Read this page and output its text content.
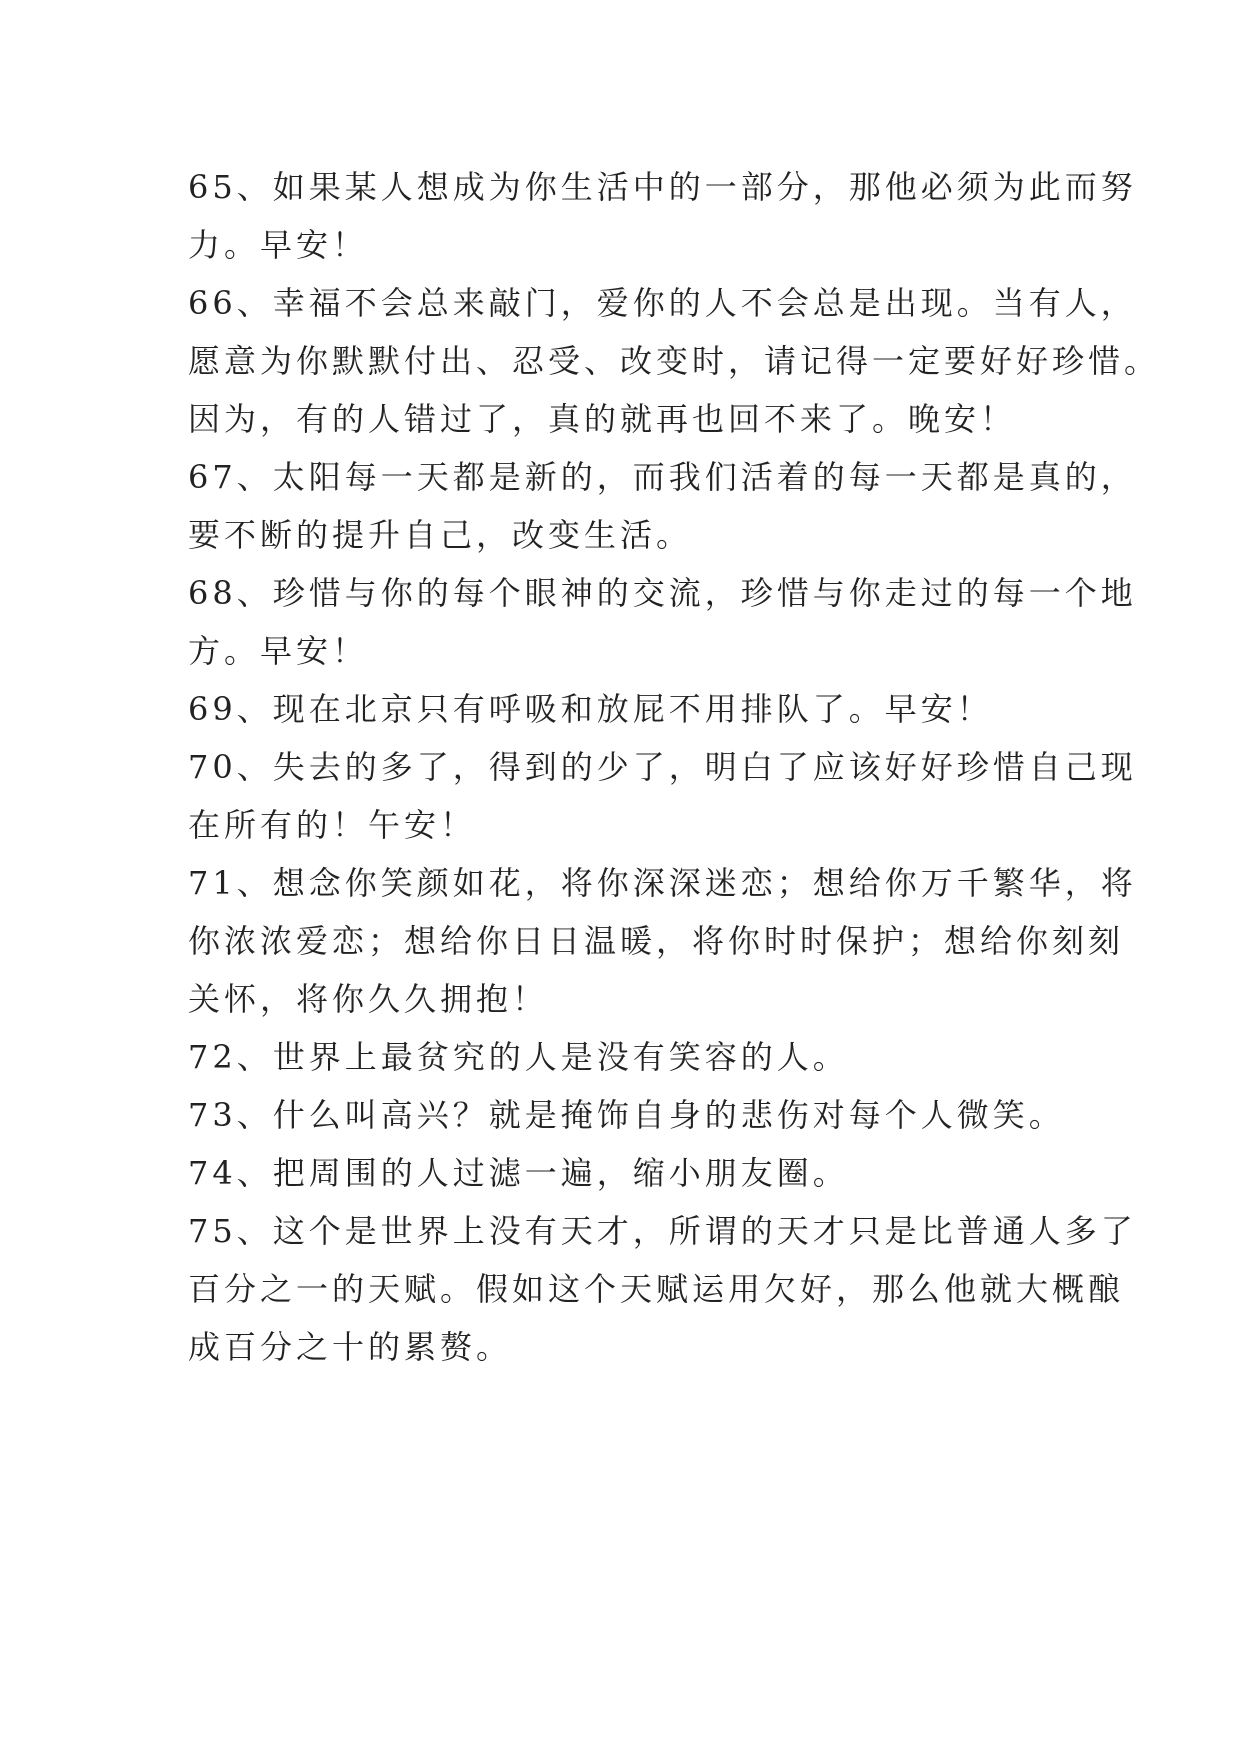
65、如果某人想成为你生活中的一部分，那他必须为此而努
力。早安！
66、幸福不会总来敲门，爱你的人不会总是出现。当有人，
愿意为你默默付出、忍受、改变时，请记得一定要好好珍惜。
因为，有的人错过了，真的就再也回不来了。晚安！
67、太阳每一天都是新的，而我们活着的每一天都是真的，
要不断的提升自己，改变生活。
68、珍惜与你的每个眼神的交流，珍惜与你走过的每一个地
方。早安！
69、现在北京只有呼吸和放屁不用排队了。早安！
70、失去的多了，得到的少了，明白了应该好好珍惜自己现
在所有的！午安！
71、想念你笑颜如花，将你深深迷恋；想给你万千繁华，将
你浓浓爱恋；想给你日日温暖，将你时时保护；想给你刻刻
关怀，将你久久拥抱！
72、世界上最贫究的人是没有笑容的人。
73、什么叫高兴？就是掩饰自身的悲伤对每个人微笑。
74、把周围的人过滤一遍，缩小朋友圈。
75、这个是世界上没有天才，所谓的天才只是比普通人多了
百分之一的天赋。假如这个天赋运用欠好，那么他就大概酿
成百分之十的累赘。
